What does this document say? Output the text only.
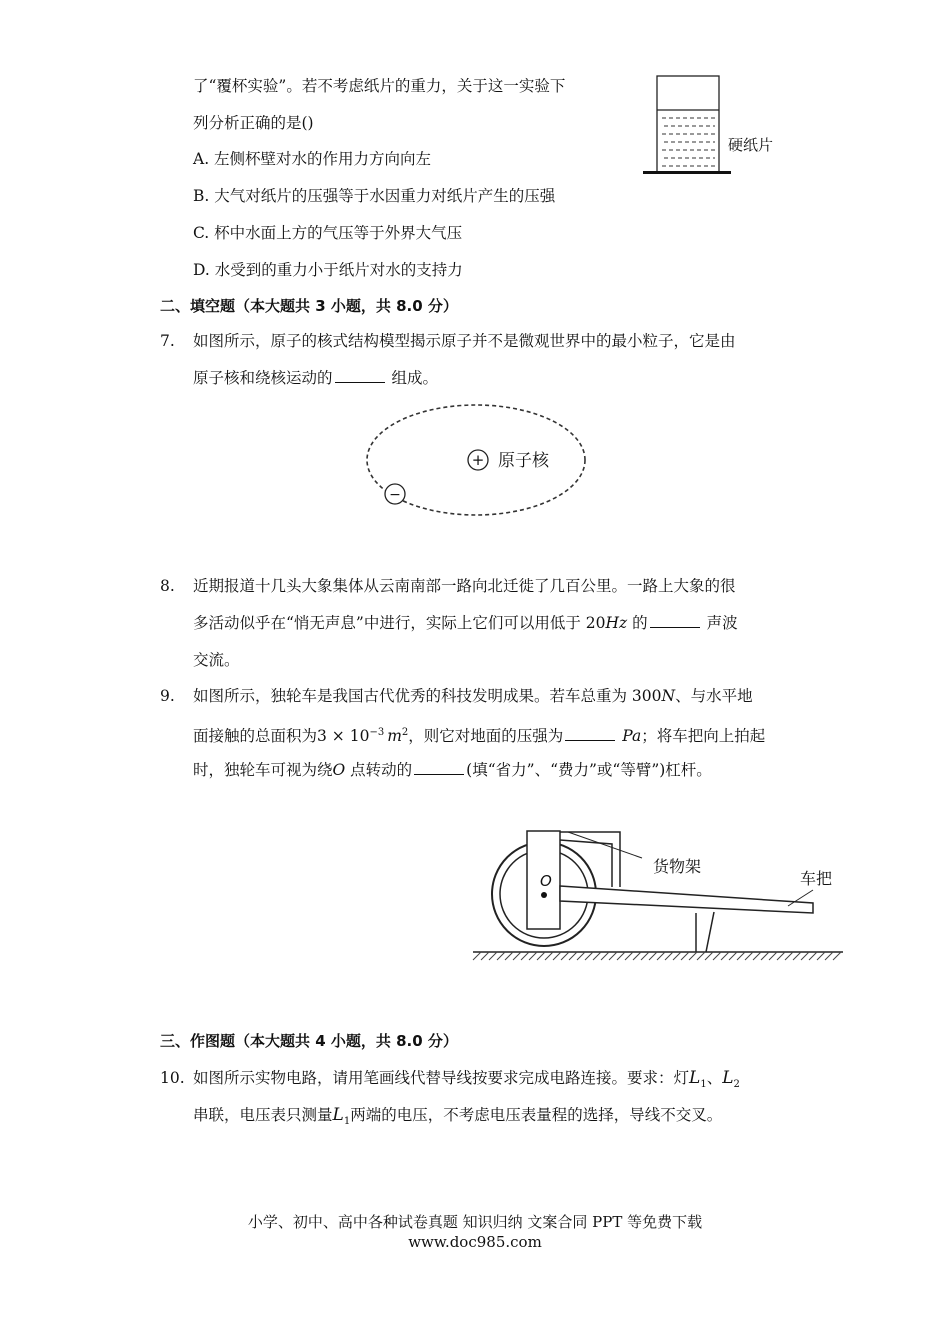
了“覆杯实验”。若不考虑纸片的重力，关于这一实验下
列分析正确的是()
A. 左侧杯壁对水的作用力方向向左
B. 大气对纸片的压强等于水因重力对纸片产生的压强
C. 杯中水面上方的气压等于外界大气压
D. 水受到的重力小于纸片对水的支持力
硬纸片
二、填空题（本大题共 3 小题，共 8.0 分）
7. 如图所示，原子的核式结构模型揭示原子并不是微观世界中的最小粒子，它是由
原子核和绕核运动的	组成。
+ 原子核
−
8. 近期报道十几头大象集体从云南南部一路向北迁徙了几百公里。一路上大象的很
多活动似乎在“悄无声息”中进行，实际上它们可以用低于 20Hz 的	声波
交流。
9. 如图所示，独轮车是我国古代优秀的科技发明成果。若车总重为 300N、与水平地
面接触的总面积为$3 \times 10^{-3}$ $m^2$，则它对地面的压强为	Pa；将车把向上拍起
时，独轮车可视为绕O 点转动的	(填“省力”、“费力”或“等臂”)杠杆。
O
货物架
车把
三、作图题（本大题共 4 小题，共 8.0 分）
10. 如图所示实物电路，请用笔画线代替导线按要求完成电路连接。要求：灯$L_1$、$L_2$
串联，电压表只测量$L_1$两端的电压，不考虑电压表量程的选择，导线不交叉。
小学、初中、高中各种试卷真题 知识归纳 文案合同 PPT 等免费下载
www.doc985.com
